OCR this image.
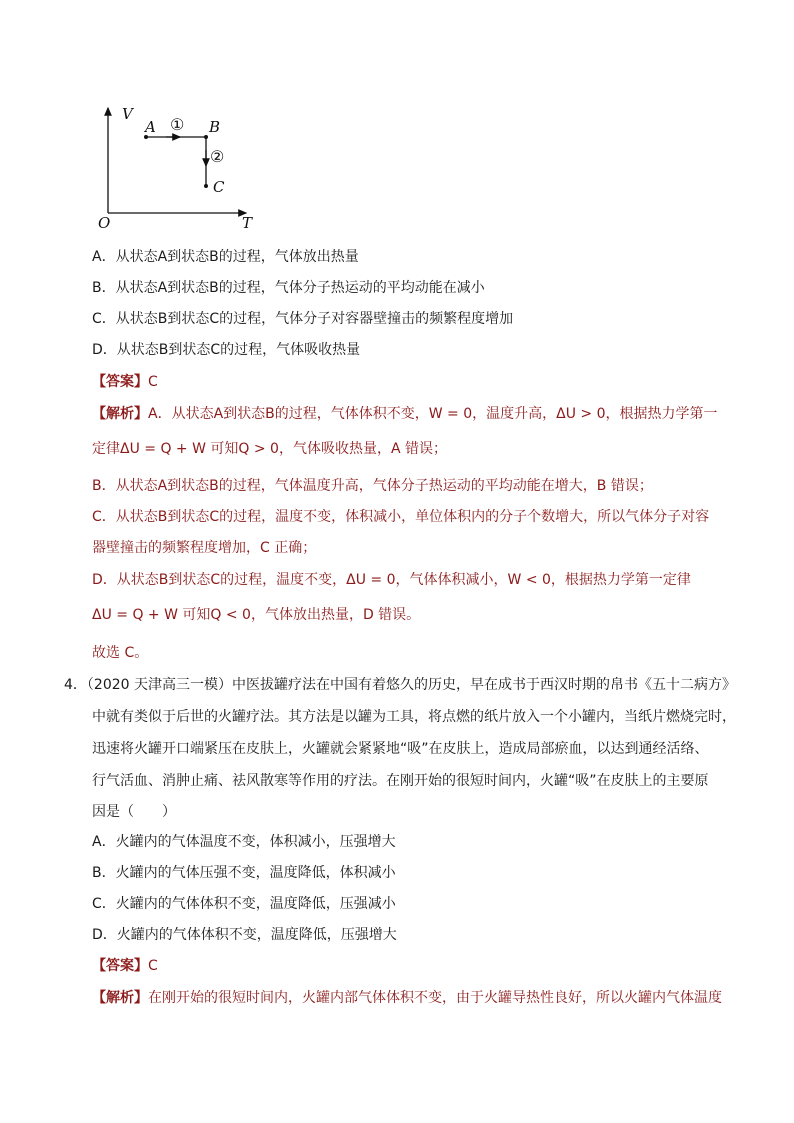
V
T
O
A	B
C
①
②
A．从状态A到状态B的过程，气体放出热量
B．从状态A到状态B的过程，气体分子热运动的平均动能在减小
C．从状态B到状态C的过程，气体分子对容器壁撞击的频繁程度增加
D．从状态B到状态C的过程，气体吸收热量
【答案】C
【解析】A．从状态A到状态B的过程，气体体积不变，W = 0，温度升高，ΔU > 0，根据热力学第一
定律ΔU = Q + W 可知Q > 0，气体吸收热量，A 错误；
B．从状态A到状态B的过程，气体温度升高，气体分子热运动的平均动能在增大，B 错误；
C．从状态B到状态C的过程，温度不变，体积减小，单位体积内的分子个数增大，所以气体分子对容
器壁撞击的频繁程度增加，C 正确；
D．从状态B到状态C的过程，温度不变，ΔU = 0，气体体积减小，W < 0，根据热力学第一定律
ΔU = Q + W 可知Q < 0，气体放出热量，D 错误。
故选 C。
4．（2020 天津高三一模）中医拔罐疗法在中国有着悠久的历史，早在成书于西汉时期的帛书《五十二病方》
中就有类似于后世的火罐疗法。其方法是以罐为工具，将点燃的纸片放入一个小罐内，当纸片燃烧完时，
迅速将火罐开口端紧压在皮肤上，火罐就会紧紧地“吸”在皮肤上，造成局部瘀血，以达到通经活络、
行气活血、消肿止痛、祛风散寒等作用的疗法。在刚开始的很短时间内，火罐“吸”在皮肤上的主要原
因是（　　）
A．火罐内的气体温度不变，体积减小，压强增大
B．火罐内的气体压强不变，温度降低，体积减小
C．火罐内的气体体积不变，温度降低，压强减小
D．火罐内的气体体积不变，温度降低，压强增大
【答案】C
【解析】在刚开始的很短时间内，火罐内部气体体积不变，由于火罐导热性良好，所以火罐内气体温度
